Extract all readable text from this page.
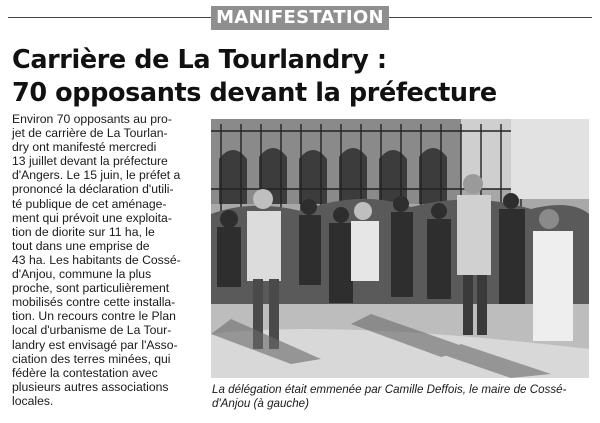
MANIFESTATION
Carrière de La Tourlandry :
70 opposants devant la préfecture
Environ 70 opposants au pro-
jet de carrière de La Tourlan-
dry ont manifesté mercredi
13 juillet devant la préfecture
d'Angers. Le 15 juin, le préfet a
prononcé la déclaration d'utili-
té publique de cet aménage-
ment qui prévoit une exploita-
tion de diorite sur 11 ha, le
tout dans une emprise de
43 ha. Les habitants de Cossé-
d'Anjou, commune la plus
proche, sont particulièrement
mobilisés contre cette installa-
tion. Un recours contre le Plan
local d'urbanisme de La Tour-
landry est envisagé par l'Asso-
ciation des terres minées, qui
fédère la contestation avec
plusieurs autres associations
locales.
La délégation était emmenée par Camille Deffois, le maire de Cossé-
d'Anjou (à gauche)
